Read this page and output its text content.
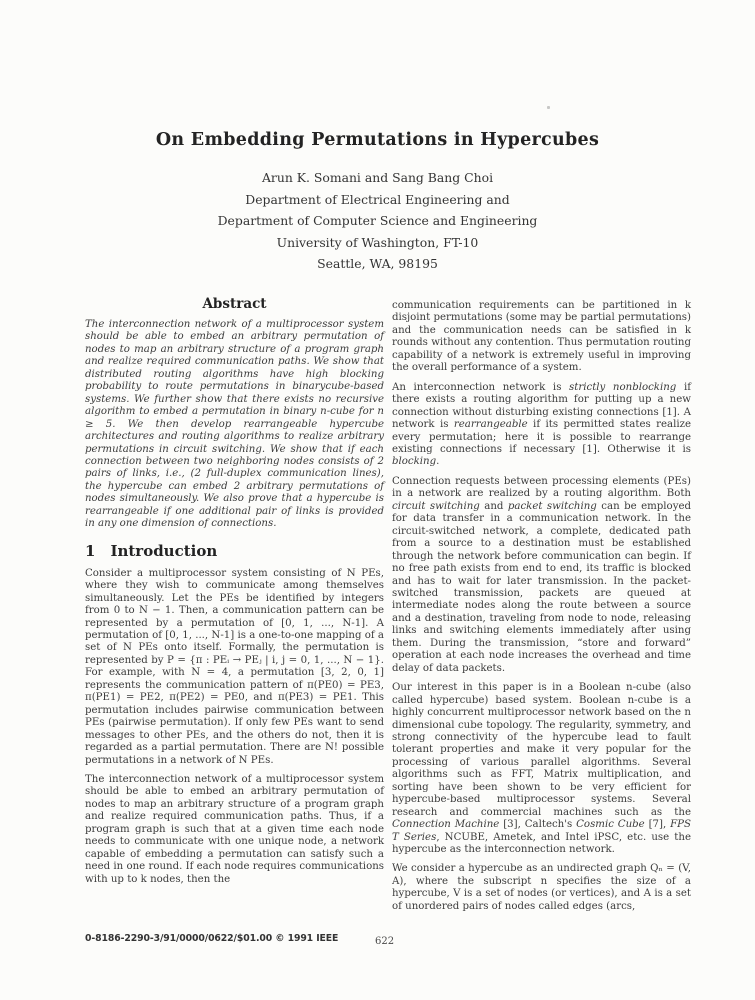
On Embedding Permutations in Hypercubes
Arun K. Somani and Sang Bang Choi
Department of Electrical Engineering and
Department of Computer Science and Engineering
University of Washington, FT-10
Seattle, WA, 98195
Abstract

The interconnection network of a multiprocessor system should be able to embed an arbitrary permutation of nodes to map an arbitrary structure of a program graph and realize required communication paths. We show that distributed routing algorithms have high blocking probability to route permutations in binarycube-based systems. We further show that there exists no recursive algorithm to embed a permutation in binary n-cube for n ≥ 5. We then develop rearrangeable hypercube architectures and routing algorithms to realize arbitrary permutations in circuit switching. We show that if each connection between two neighboring nodes consists of 2 pairs of links, i.e., (2 full-duplex communication lines), the hypercube can embed 2 arbitrary permutations of nodes simultaneously. We also prove that a hypercube is rearrangeable if one additional pair of links is provided in any one dimension of connections.

1 Introduction

Consider a multiprocessor system consisting of N PEs, where they wish to communicate among themselves simultaneously. Let the PEs be identified by integers from 0 to N − 1. Then, a communication pattern can be represented by a permutation of [0, 1, ..., N-1]. A permutation of [0, 1, ..., N-1] is a one-to-one mapping of a set of N PEs onto itself. Formally, the permutation is represented by P = {π : PEᵢ → PEⱼ | i, j = 0, 1, ..., N − 1}. For example, with N = 4, a permutation [3, 2, 0, 1] represents the communication pattern of π(PE0) = PE3, π(PE1) = PE2, π(PE2) = PE0, and π(PE3) = PE1. This permutation includes pairwise communication between PEs (pairwise permutation). If only few PEs want to send messages to other PEs, and the others do not, then it is regarded as a partial permutation. There are N! possible permutations in a network of N PEs.

The interconnection network of a multiprocessor system should be able to embed an arbitrary permutation of nodes to map an arbitrary structure of a program graph and realize required communication paths. Thus, if a program graph is such that at a given time each node needs to communicate with one unique node, a network capable of embedding a permutation can satisfy such a need in one round. If each node requires communications with up to k nodes, then the

communication requirements can be partitioned in k disjoint permutations (some may be partial permutations) and the communication needs can be satisfied in k rounds without any contention. Thus permutation routing capability of a network is extremely useful in improving the overall performance of a system.

An interconnection network is strictly nonblocking if there exists a routing algorithm for putting up a new connection without disturbing existing connections [1]. A network is rearrangeable if its permitted states realize every permutation; here it is possible to rearrange existing connections if necessary [1]. Otherwise it is blocking.

Connection requests between processing elements (PEs) in a network are realized by a routing algorithm. Both circuit switching and packet switching can be employed for data transfer in a communication network. In the circuit-switched network, a complete, dedicated path from a source to a destination must be established through the network before communication can begin. If no free path exists from end to end, its traffic is blocked and has to wait for later transmission. In the packet-switched transmission, packets are queued at intermediate nodes along the route between a source and a destination, traveling from node to node, releasing links and switching elements immediately after using them. During the transmission, “store and forward” operation at each node increases the overhead and time delay of data packets.

Our interest in this paper is in a Boolean n-cube (also called hypercube) based system. Boolean n-cube is a highly concurrent multiprocessor network based on the n dimensional cube topology. The regularity, symmetry, and strong connectivity of the hypercube lead to fault tolerant properties and make it very popular for the processing of various parallel algorithms. Several algorithms such as FFT, Matrix multiplication, and sorting have been shown to be very efficient for hypercube-based multiprocessor systems. Several research and commercial machines such as the Connection Machine [3], Caltech's Cosmic Cube [7], FPS T Series, NCUBE, Ametek, and Intel iPSC, etc. use the hypercube as the interconnection network.

We consider a hypercube as an undirected graph Qₙ = (V, A), where the subscript n specifies the size of a hypercube, V is a set of nodes (or vertices), and A is a set of unordered pairs of nodes called edges (arcs,

0-8186-2290-3/91/0000/0622/$01.00 © 1991 IEEE	622
